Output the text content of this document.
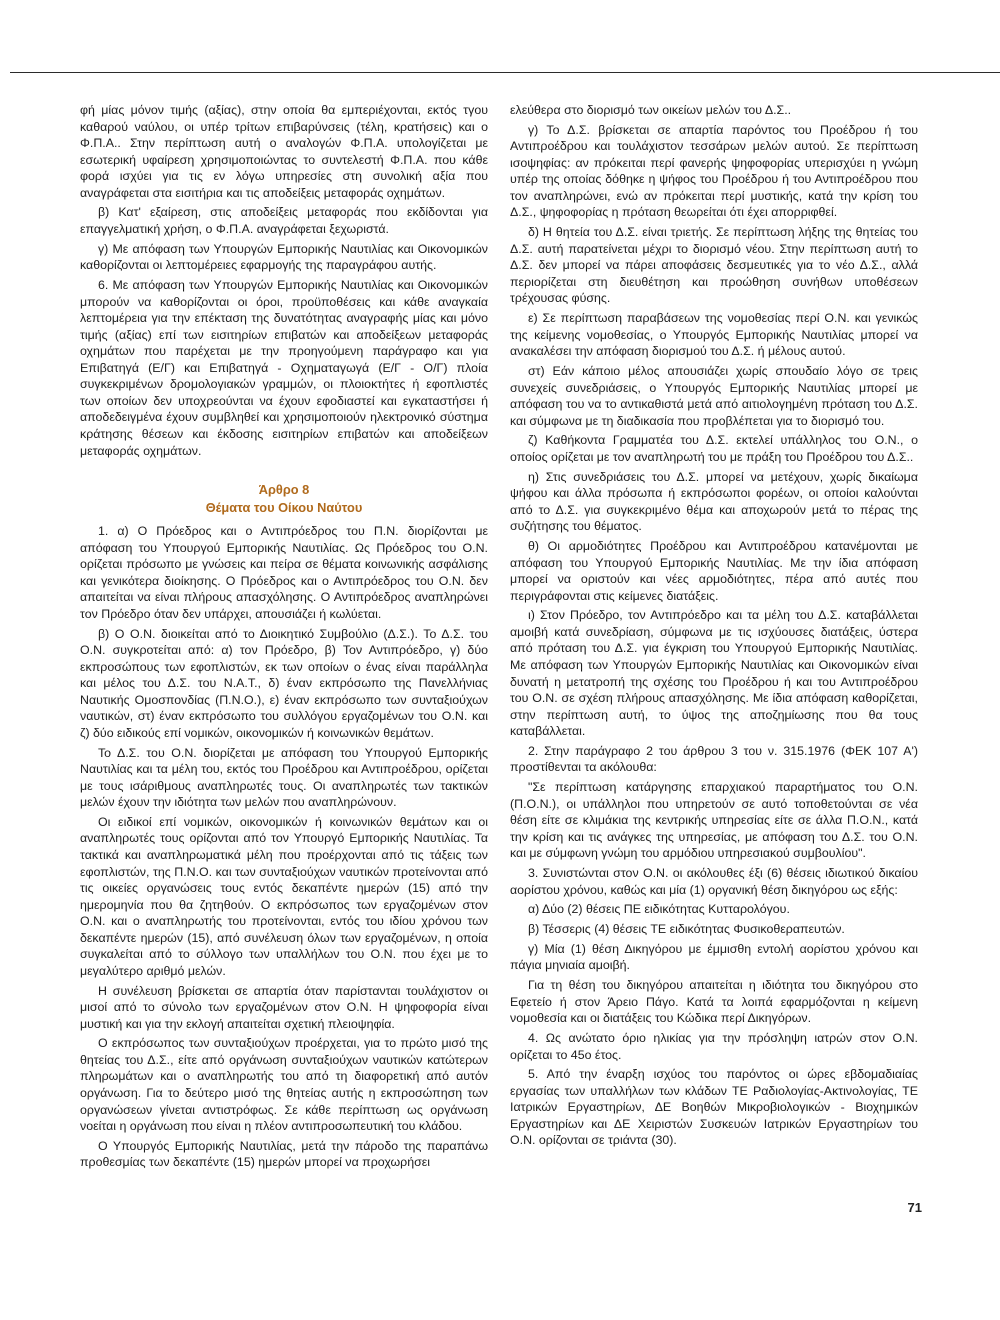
φή μίας μόνον τιμής (αξίας), στην οποία θα εμπεριέχονται, εκτός τγου καθαρού ναύλου, οι υπέρ τρίτων επιβαρύνσεις (τέλη, κρατήσεις) και ο Φ.Π.Α.. Στην περίπτωση αυτή ο αναλογών Φ.Π.Α. υπολογίζεται με εσωτερική υφαίρεση χρησιμοποιώντας το συντελεστή Φ.Π.Α. που κάθε φορά ισχύει για τις εν λόγω υπηρεσίες στη συνολική αξία που αναγράφεται στα εισιτήρια και τις αποδείξεις μεταφοράς οχημάτων.

β) Κατ' εξαίρεση, στις αποδείξεις μεταφοράς που εκδίδονται για επαγγελματική χρήση, ο Φ.Π.Α. αναγράφεται ξεχωριστά.

γ) Με απόφαση των Υπουργών Εμπορικής Ναυτιλίας και Οικονομικών καθορίζονται οι λεπτομέρειες εφαρμογής της παραγράφου αυτής.

6. Με απόφαση των Υπουργών Εμπορικής Ναυτιλίας και Οικονομικών μπορούν να καθορίζονται οι όροι, προϋποθέσεις και κάθε αναγκαία λεπτομέρεια για την επέκταση της δυνατότητας αναγραφής μίας και μόνο τιμής (αξίας) επί των εισιτηρίων επιβατών και αποδείξεων μεταφοράς οχημάτων που παρέχεται με την προηγούμενη παράγραφο και για Επιβατηγά (Ε/Γ) και Επιβατηγά - Οχηματαγωγά (Ε/Γ - Ο/Γ) πλοία συγκεκριμένων δρομολογιακών γραμμών, οι πλοιοκτήτες ή εφοπλιστές των οποίων δεν υποχρεούνται να έχουν εφοδιαστεί και εγκαταστήσει ή αποδεδειγμένα έχουν συμβληθεί και χρησιμοποιούν ηλεκτρονικό σύστημα κράτησης θέσεων και έκδοσης εισιτηρίων επιβατών και αποδείξεων μεταφοράς οχημάτων.

Άρθρο 8
Θέματα του Οίκου Ναύτου

1. α) Ο Πρόεδρος και ο Αντιπρόεδρος του Π.Ν. διορίζονται με απόφαση του Υπουργού Εμπορικής Ναυτιλίας. Ως Πρόεδρος του Ο.Ν. ορίζεται πρόσωπο με γνώσεις και πείρα σε θέματα κοινωνικής ασφάλισης και γενικότερα διοίκησης. Ο Πρόεδρος και ο Αντιπρόεδρος του Ο.Ν. δεν απαιτείται να είναι πλήρους απασχόλησης. Ο Αντιπρόεδρος αναπληρώνει τον Πρόεδρο όταν δεν υπάρχει, απουσιάζει ή κωλύεται.

β) Ο Ο.Ν. διοικείται από το Διοικητικό Συμβούλιο (Δ.Σ.). Το Δ.Σ. του Ο.Ν. συγκροτείται από: α) τον Πρόεδρο, β) Τον Αντιπρόεδρο, γ) δύο εκπροσώπους των εφοπλιστών, εκ των οποίων ο ένας είναι παράλληλα και μέλος του Δ.Σ. του Ν.Α.Τ., δ) έναν εκπρόσωπο της Πανελλήνιας Ναυτικής Ομοσπονδίας (Π.Ν.Ο.), ε) έναν εκπρόσωπο των συνταξιούχων ναυτικών, στ) έναν εκπρόσωπο του συλλόγου εργαζομένων του Ο.Ν. και ζ) δύο ειδικούς επί νομικών, οικονομικών ή κοινωνικών θεμάτων.

Το Δ.Σ. του Ο.Ν. διορίζεται με απόφαση του Υπουργού Εμπορικής Ναυτιλίας και τα μέλη του, εκτός του Προέδρου και Αντιπροέδρου, ορίζεται με τους ισάριθμους αναπληρωτές τους. Οι αναπληρωτές των τακτικών μελών έχουν την ιδιότητα των μελών που αναπληρώνουν.

Οι ειδικοί επί νομικών, οικονομικών ή κοινωνικών θεμάτων και οι αναπληρωτές τους ορίζονται από τον Υπουργό Εμπορικής Ναυτιλίας. Τα τακτικά και αναπληρωματικά μέλη που προέρχονται από τις τάξεις των εφοπλιστών, της Π.Ν.Ο. και των συνταξιούχων ναυτικών προτείνονται από τις οικείες οργανώσεις τους εντός δεκαπέντε ημερών (15) από την ημερομηνία που θα ζητηθούν. Ο εκπρόσωπος των εργαζομένων στον Ο.Ν. και ο αναπληρωτής του προτείνονται, εντός του ιδίου χρόνου των δεκαπέντε ημερών (15), από συνέλευση όλων των εργαζομένων, η οποία συγκαλείται από το σύλλογο των υπαλλήλων του Ο.Ν. που έχει με το μεγαλύτερο αριθμό μελών.

Η συνέλευση βρίσκεται σε απαρτία όταν παρίστανται τουλάχιστον οι μισοί από το σύνολο των εργαζομένων στον Ο.Ν. Η ψηφοφορία είναι μυστική και για την εκλογή απαιτείται σχετική πλειοψηφία.

Ο εκπρόσωπος των συνταξιούχων προέρχεται, για το πρώτο μισό της θητείας του Δ.Σ., είτε από οργάνωση συνταξιούχων ναυτικών κατώτερων πληρωμάτων και ο αναπληρωτής του από τη διαφορετική από αυτόν οργάνωση. Για το δεύτερο μισό της θητείας αυτής η εκπροσώπηση των οργανώσεων γίνεται αντιστρόφως. Σε κάθε περίπτωση ως οργάνωση νοείται η οργάνωση που είναι η πλέον αντιπροσωπευτική του κλάδου.

Ο Υπουργός Εμπορικής Ναυτιλίας, μετά την πάροδο της παραπάνω προθεσμίας των δεκαπέντε (15) ημερών μπορεί να προχωρήσει

ελεύθερα στο διορισμό των οικείων μελών του Δ.Σ..

γ) Το Δ.Σ. βρίσκεται σε απαρτία παρόντος του Προέδρου ή του Αντιπροέδρου και τουλάχιστον τεσσάρων μελών αυτού. Σε περίπτωση ισοψηφίας: αν πρόκειται περί φανερής ψηφοφορίας υπερισχύει η γνώμη υπέρ της οποίας δόθηκε η ψήφος του Προέδρου ή του Αντιπροέδρου που τον αναπληρώνει, ενώ αν πρόκειται περί μυστικής, κατά την κρίση του Δ.Σ., ψηφοφορίας η πρόταση θεωρείται ότι έχει απορριφθεί.

δ) Η θητεία του Δ.Σ. είναι τριετής. Σε περίπτωση λήξης της θητείας του Δ.Σ. αυτή παρατείνεται μέχρι το διορισμό νέου. Στην περίπτωση αυτή το Δ.Σ. δεν μπορεί να πάρει αποφάσεις δεσμευτικές για το νέο Δ.Σ., αλλά περιορίζεται στη διευθέτηση και προώθηση συνήθων υποθέσεων τρέχουσας φύσης.

ε) Σε περίπτωση παραβάσεων της νομοθεσίας περί Ο.Ν. και γενικώς της κείμενης νομοθεσίας, ο Υπουργός Εμπορικής Ναυτιλίας μπορεί να ανακαλέσει την απόφαση διορισμού του Δ.Σ. ή μέλους αυτού.

στ) Εάν κάποιο μέλος απουσιάζει χωρίς σπουδαίο λόγο σε τρεις συνεχείς συνεδριάσεις, ο Υπουργός Εμπορικής Ναυτιλίας μπορεί με απόφαση του να το αντικαθιστά μετά από αιτιολογημένη πρόταση του Δ.Σ. και σύμφωνα με τη διαδικασία που προβλέπεται για το διορισμό του.

ζ) Καθήκοντα Γραμματέα του Δ.Σ. εκτελεί υπάλληλος του Ο.Ν., ο οποίος ορίζεται με τον αναπληρωτή του με πράξη του Προέδρου του Δ.Σ..

η) Στις συνεδριάσεις του Δ.Σ. μπορεί να μετέχουν, χωρίς δικαίωμα ψήφου και άλλα πρόσωπα ή εκπρόσωποι φορέων, οι οποίοι καλούνται από το Δ.Σ. για συγκεκριμένο θέμα και αποχωρούν μετά το πέρας της συζήτησης του θέματος.

θ) Οι αρμοδιότητες Προέδρου και Αντιπροέδρου κατανέμονται με απόφαση του Υπουργού Εμπορικής Ναυτιλίας. Με την ίδια απόφαση μπορεί να οριστούν και νέες αρμοδιότητες, πέρα από αυτές που περιγράφονται στις κείμενες διατάξεις.

ι) Στον Πρόεδρο, τον Αντιπρόεδρο και τα μέλη του Δ.Σ. καταβάλλεται αμοιβή κατά συνεδρίαση, σύμφωνα με τις ισχύουσες διατάξεις, ύστερα από πρόταση του Δ.Σ. για έγκριση του Υπουργού Εμπορικής Ναυτιλίας. Με απόφαση των Υπουργών Εμπορικής Ναυτιλίας και Οικονομικών είναι δυνατή η μετατροπή της σχέσης του Προέδρου ή και του Αντιπροέδρου του Ο.Ν. σε σχέση πλήρους απασχόλησης. Με ίδια απόφαση καθορίζεται, στην περίπτωση αυτή, το ύψος της αποζημίωσης που θα τους καταβάλλεται.

2. Στην παράγραφο 2 του άρθρου 3 του ν. 315.1976 (ΦΕΚ 107 Α') προστίθενται τα ακόλουθα:

"Σε περίπτωση κατάργησης επαρχιακού παραρτήματος του Ο.Ν. (Π.Ο.Ν.), οι υπάλληλοι που υπηρετούν σε αυτό τοποθετούνται σε νέα θέση είτε σε κλιμάκια της κεντρικής υπηρεσίας είτε σε άλλα Π.Ο.Ν., κατά την κρίση και τις ανάγκες της υπηρεσίας, με απόφαση του Δ.Σ. του Ο.Ν. και με σύμφωνη γνώμη του αρμόδιου υπηρεσιακού συμβουλίου".

3. Συνιστώνται στον Ο.Ν. οι ακόλουθες έξι (6) θέσεις ιδιωτικού δικαίου αορίστου χρόνου, καθώς και μία (1) οργανική θέση δικηγόρου ως εξής:

α) Δύο (2) θέσεις ΠΕ ειδικότητας Κυτταρολόγου.

β) Τέσσερις (4) θέσεις ΤΕ ειδικότητας Φυσικοθεραπευτών.

γ) Μία (1) θέση Δικηγόρου με έμμισθη εντολή αορίστου χρόνου και πάγια μηνιαία αμοιβή.

Για τη θέση του δικηγόρου απαιτείται η ιδιότητα του δικηγόρου στο Εφετείο ή στον Άρειο Πάγο. Κατά τα λοιπά εφαρμόζονται η κείμενη νομοθεσία και οι διατάξεις του Κώδικα περί Δικηγόρων.

4. Ως ανώτατο όριο ηλικίας για την πρόσληψη ιατρών στον Ο.Ν. ορίζεται το 45ο έτος.

5. Από την έναρξη ισχύος του παρόντος οι ώρες εβδομαδιαίας εργασίας των υπαλλήλων των κλάδων ΤΕ Ραδιολογίας-Ακτινολογίας, ΤΕ Ιατρικών Εργαστηρίων, ΔΕ Βοηθών Μικροβιολογικών - Βιοχημικών Εργαστηρίων και ΔΕ Χειριστών Συσκευών Ιατρικών Εργαστηρίων του Ο.Ν. ορίζονται σε τριάντα (30).

71
